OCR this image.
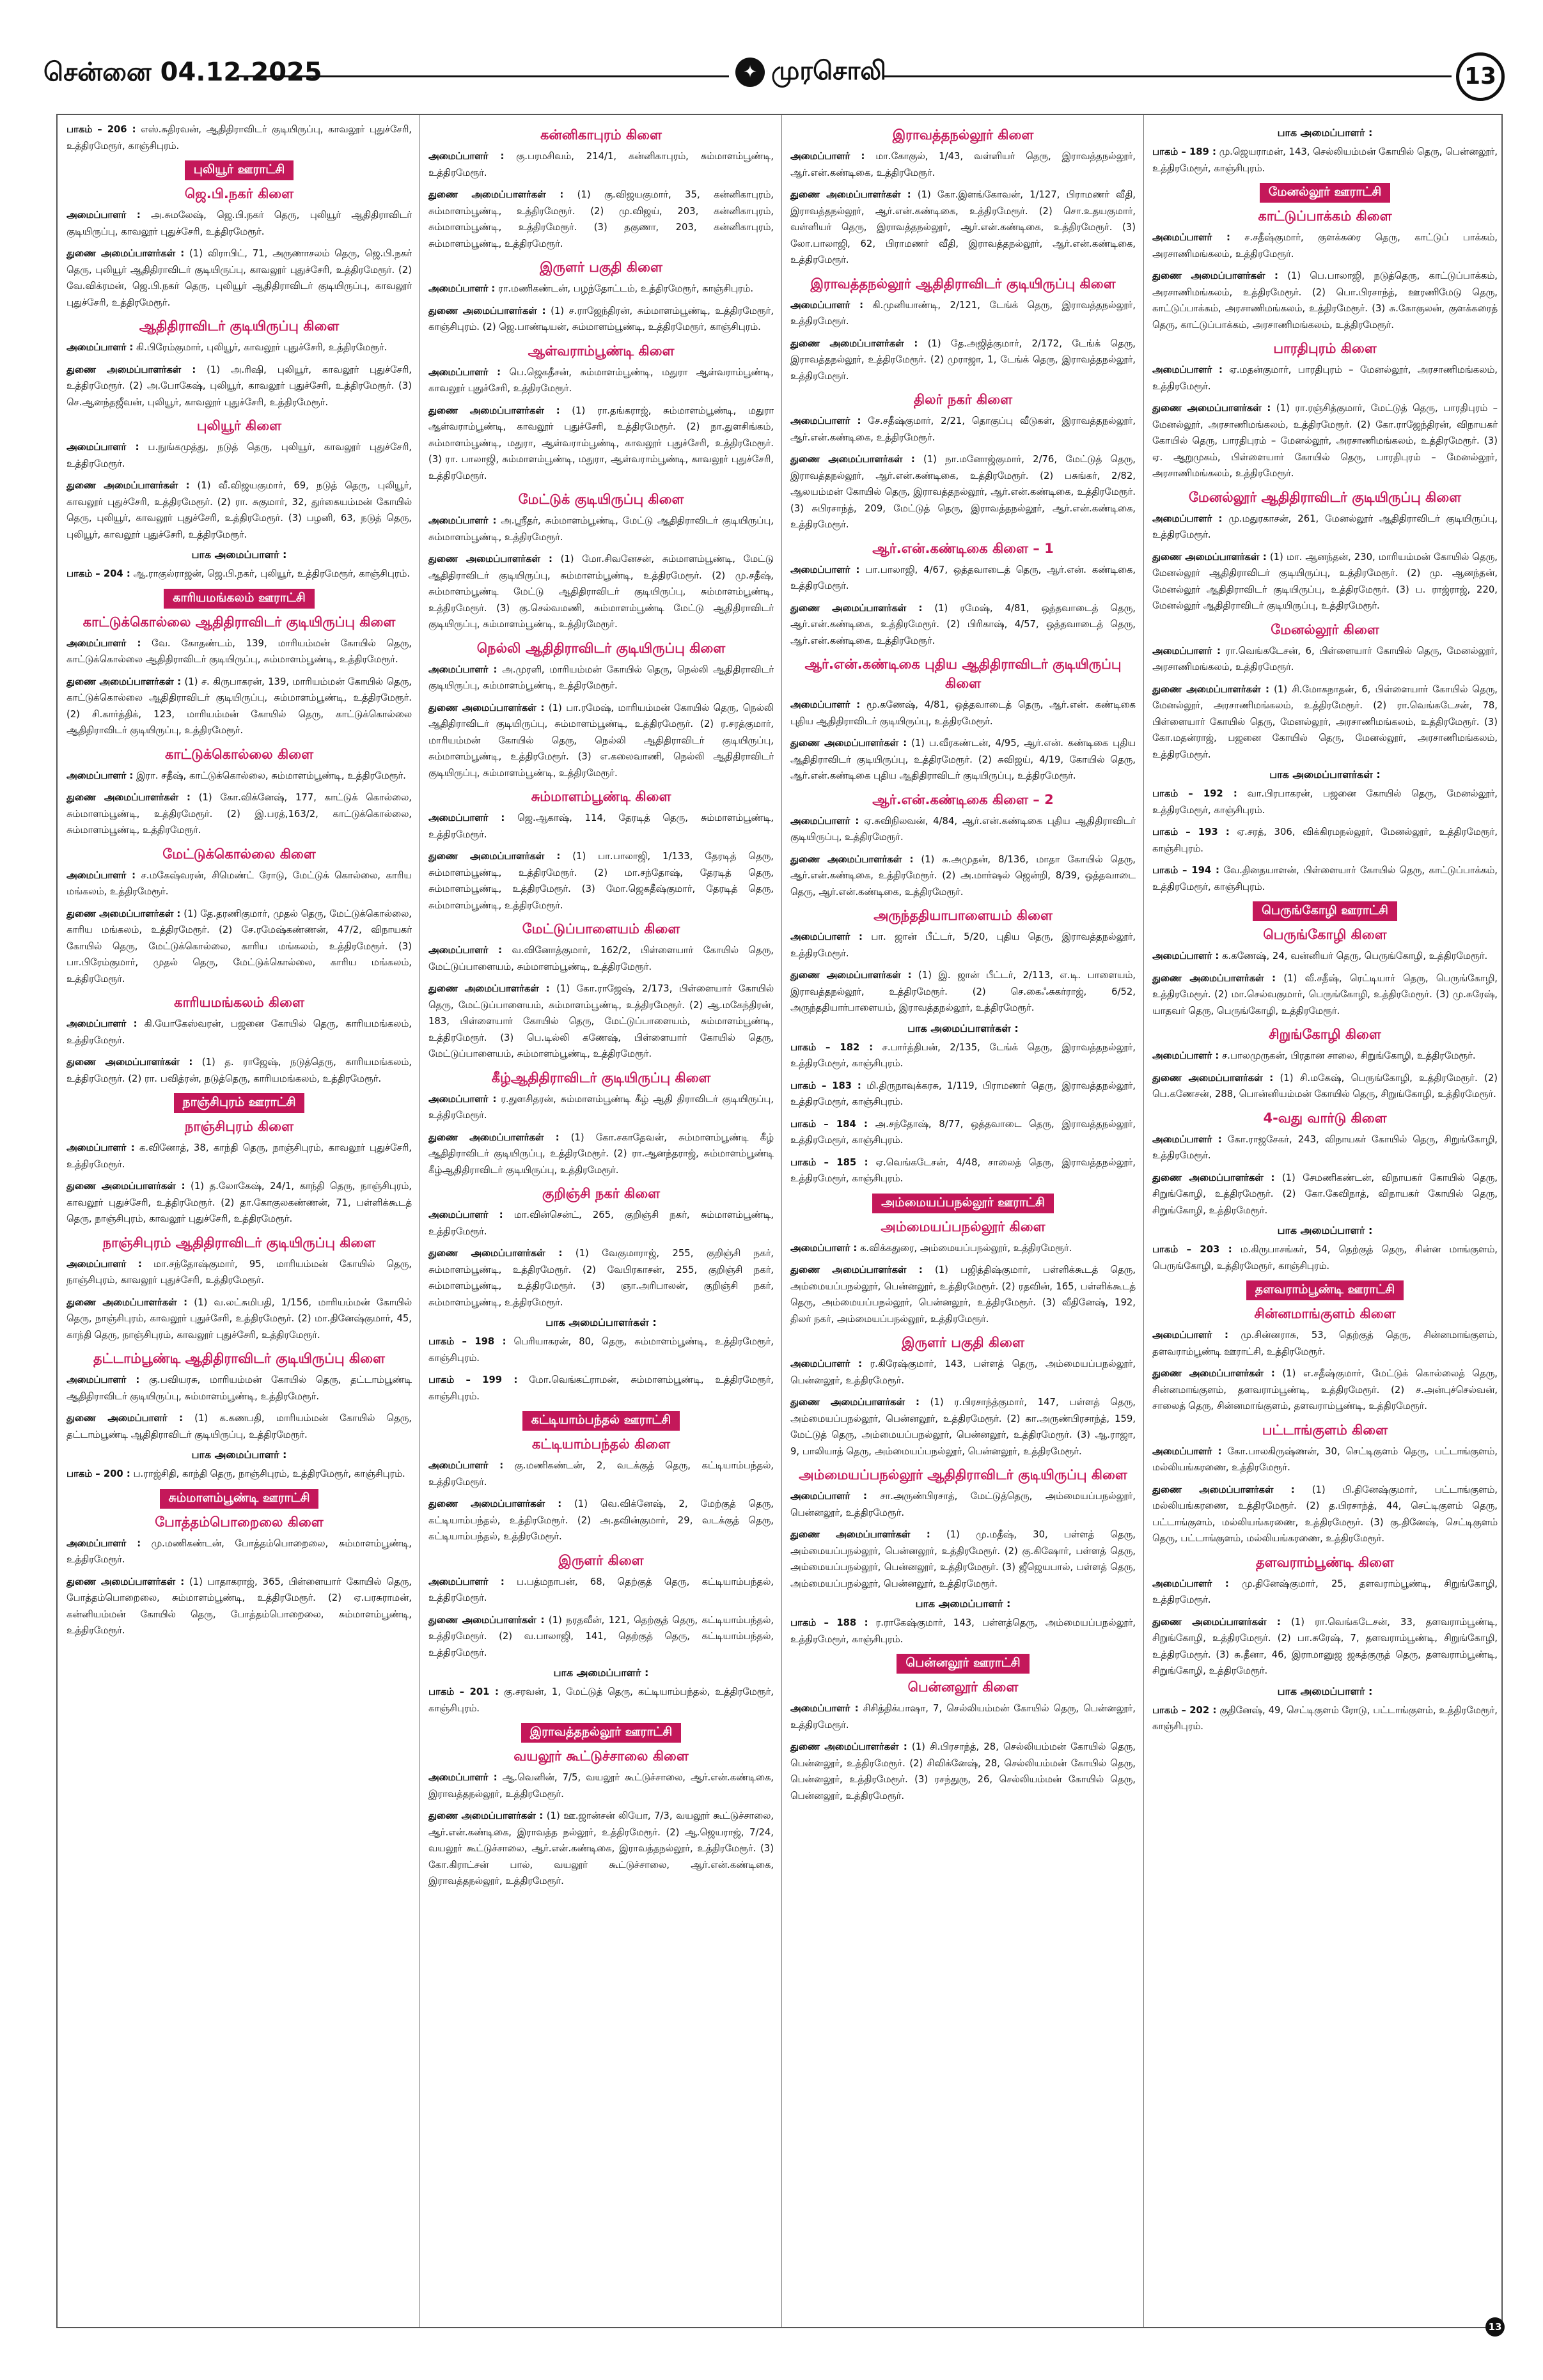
சென்னை 04.12.2025	✦ முரசொலி	13

பாகம் – 206 : எஸ்.சுதிரவன், ஆதிதிராவிடர் குடியிருப்பு, காவலூர் புதுச்சேரி, உத்திரமேரூர், காஞ்சிபுரம்.

புலியூர் ஊராட்சி
ஜெ.பி.நகர் கிளை

அமைப்பாளர் : அ.சுமலேஷ், ஜெ.பி.நகர் தெரு, புலியூர் ஆதிதிராவிடர் குடியிருப்பு, காவலூர் புதுச்சேரி, உத்திரமேரூர்.

துணை அமைப்பாளர்கள் : (1) விராபிட், 71, அருணாசலம் தெரு, ஜெ.பி.நகர் தெரு, புலியூர் ஆதிதிராவிடர் குடியிருப்பு, காவலூர் புதுச்சேரி, உத்திரமேரூர். (2) வே.விக்ரமன், ஜெ.பி.நகர் தெரு, புலியூர் ஆதிதிராவிடர் குடியிருப்பு, காவலூர் புதுச்சேரி, உத்திரமேரூர்.

ஆதிதிராவிடர் குடியிருப்பு கிளை

அமைப்பாளர் : கி.பிரேம்குமார், புலியூர், காவலூர் புதுச்சேரி, உத்திரமேரூர்.

துணை அமைப்பாளர்கள் : (1) அ.ரிஷி, புலியூர், காவலூர் புதுச்சேரி, உத்திரமேரூர். (2) அ.போகேஷ், புலியூர், காவலூர் புதுச்சேரி, உத்திரமேரூர். (3) செ.ஆனந்தஜீவன், புலியூர், காவலூர் புதுச்சேரி, உத்திரமேரூர்.

புலியூர் கிளை

அமைப்பாளர் : ப.நுங்கமுத்து, நடுத் தெரு, புலியூர், காவலூர் புதுச்சேரி, உத்திரமேரூர்.

துணை அமைப்பாளர்கள் : (1) வீ.விஜயகுமார், 69, நடுத் தெரு, புலியூர், காவலூர் புதுச்சேரி, உத்திரமேரூர். (2) ரா. சுகுமார், 32, துர்கையம்மன் கோயில் தெரு, புலியூர், காவலூர் புதுச்சேரி, உத்திரமேரூர். (3) பழனி, 63, நடுத் தெரு, புலியூர், காவலூர் புதுச்சேரி, உத்திரமேரூர்.

பாக அமைப்பாளர் :

பாகம் – 204 : ஆ.ராகுல்ராஜன், ஜெ.பி.நகர், புலியூர், உத்திரமேரூர், காஞ்சிபுரம்.

காரியமங்கலம் ஊராட்சி
காட்டுக்கொல்லை ஆதிதிராவிடர் குடியிருப்பு கிளை

அமைப்பாளர் : வே. கோதண்டம், 139, மாரியம்மன் கோயில் தெரு, காட்டுக்கொல்லை ஆதிதிராவிடர் குடியிருப்பு, சும்மாளம்பூண்டி, உத்திரமேரூர்.

துணை அமைப்பாளர்கள் : (1) ச. கிருபாகரன், 139, மாரியம்மன் கோயில் தெரு, காட்டுக்கொல்லை ஆதிதிராவிடர் குடியிருப்பு, சும்மாளம்பூண்டி, உத்திரமேரூர். (2) சி.கார்த்திக், 123, மாரியம்மன் கோயில் தெரு, காட்டுக்கொல்லை ஆதிதிராவிடர் குடியிருப்பு, உத்திரமேரூர்.

காட்டுக்கொல்லை கிளை

அமைப்பாளர் : இரா. சதீஷ், காட்டுக்கொல்லை, சும்மாளம்பூண்டி, உத்திரமேரூர்.

துணை அமைப்பாளர்கள் : (1) கோ.விக்னேஷ், 177, காட்டுக் கொல்லை, சும்மாளம்பூண்டி, உத்திரமேரூர். (2) இ.பரத்,163/2, காட்டுக்கொல்லை, சும்மாளம்பூண்டி, உத்திரமேரூர்.

மேட்டுக்கொல்லை கிளை

அமைப்பாளர் : ச.மகேஷ்வரன், சிமெண்ட் ரோடு, மேட்டுக் கொல்லை, காரிய மங்கலம், உத்திரமேரூர்.

துணை அமைப்பாளர்கள் : (1) தே.தரணிகுமார், முதல் தெரு, மேட்டுக்கொல்லை, காரிய மங்கலம், உத்திரமேரூர். (2) சே.ரமேஷ்கண்ணன், 47/2, விநாயகர் கோயில் தெரு, மேட்டுக்கொல்லை, காரிய மங்கலம், உத்திரமேரூர். (3) பா.பிரேம்குமார், முதல் தெரு, மேட்டுக்கொல்லை, காரிய மங்கலம், உத்திரமேரூர்.

காரியமங்கலம் கிளை

அமைப்பாளர் : கி.யோகேஸ்வரன், பஜனை கோயில் தெரு, காரியமங்கலம், உத்திரமேரூர்.

துணை அமைப்பாளர்கள் : (1) த. ராஜேஷ், நடுத்தெரு, காரியமங்கலம், உத்திரமேரூர். (2) ரா. பவித்ரன், நடுத்தெரு, காரியமங்கலம், உத்திரமேரூர்.

நாஞ்சிபுரம் ஊராட்சி
நாஞ்சிபுரம் கிளை

அமைப்பாளர் : க.வினோத், 38, காந்தி தெரு, நாஞ்சிபுரம், காவலூர் புதுச்சேரி, உத்திரமேரூர்.

துணை அமைப்பாளர்கள் : (1) த.லோகேஷ், 24/1, காந்தி தெரு, நாஞ்சிபுரம், காவலூர் புதுச்சேரி, உத்திரமேரூர். (2) தா.கோகுலகண்ணன், 71, பள்ளிக்கூடத் தெரு, நாஞ்சிபுரம், காவலூர் புதுச்சேரி, உத்திரமேரூர்.

நாஞ்சிபுரம் ஆதிதிராவிடர் குடியிருப்பு கிளை

அமைப்பாளர் : மா.சந்தோஷ்குமார், 95, மாரியம்மன் கோயில் தெரு, நாஞ்சிபுரம், காவலூர் புதுச்சேரி, உத்திரமேரூர்.

துணை அமைப்பாளர்கள் : (1) வ.லட்சுமிபதி, 1/156, மாரியம்மன் கோயில் தெரு, நாஞ்சிபுரம், காவலூர் புதுச்சேரி, உத்திரமேரூர். (2) மா.தினேஷ்குமார், 45, காந்தி தெரு, நாஞ்சிபுரம், காவலூர் புதுச்சேரி, உத்திரமேரூர்.

தட்டாம்பூண்டி ஆதிதிராவிடர் குடியிருப்பு கிளை

அமைப்பாளர் : கு.பவியரசு, மாரியம்மன் கோயில் தெரு, தட்டாம்பூண்டி ஆதிதிராவிடர் குடியிருப்பு, சும்மாளம்பூண்டி, உத்திரமேரூர்.

துணை அமைப்பாளர் : (1) க.கணபதி, மாரியம்மன் கோயில் தெரு, தட்டாம்பூண்டி ஆதிதிராவிடர் குடியிருப்பு, உத்திரமேரூர்.

பாக அமைப்பாளர் :

பாகம் – 200 : ப.ராஜ்சிதி, காந்தி தெரு, நாஞ்சிபுரம், உத்திரமேரூர், காஞ்சிபுரம்.

சும்மாளம்பூண்டி ஊராட்சி
போத்தம்பொறைலை கிளை

அமைப்பாளர் : மு.மணிகண்டன், போத்தம்பொறைலை, சும்மாளம்பூண்டி, உத்திரமேரூர்.

துணை அமைப்பாளர்கள் : (1) பாதாகராஜ், 365, பிள்ளையார் கோயில் தெரு, போத்தம்பொறைலை, சும்மாளம்பூண்டி, உத்திரமேரூர். (2) ஏ.பரசுராமன், கன்னியம்மன் கோயில் தெரு, போத்தம்பொறைலை, சும்மாளம்பூண்டி, உத்திரமேரூர்.

கன்னிகாபுரம் கிளை

அமைப்பாளர் : கு.பரமசிவம், 214/1, கன்னிகாபுரம், சும்மாளம்பூண்டி, உத்திரமேரூர்.

துணை அமைப்பாளர்கள் : (1) கு.விஜயகுமார், 35, கன்னிகாபுரம், சும்மாளம்பூண்டி, உத்திரமேரூர். (2) மு.விஜய், 203, கன்னிகாபுரம், சும்மாளம்பூண்டி, உத்திரமேரூர். (3) தகுணா, 203, கன்னிகாபுரம், சும்மாளம்பூண்டி, உத்திரமேரூர்.

இருளர் பகுதி கிளை

அமைப்பாளர் : ரா.மணிகண்டன், பழந்தோட்டம், உத்திரமேரூர், காஞ்சிபுரம்.

துணை அமைப்பாளர்கள் : (1) ச.ராஜேந்திரன், சும்மாளம்பூண்டி, உத்திரமேரூர், காஞ்சிபுரம். (2) ஜெ.பாண்டியன், சும்மாளம்பூண்டி, உத்திரமேரூர், காஞ்சிபுரம்.

ஆள்வராம்பூண்டி கிளை

அமைப்பாளர் : பெ.ஜெகதீசன், சும்மாளம்பூண்டி, மதுரா ஆள்வராம்பூண்டி, காவலூர் புதுச்சேரி, உத்திரமேரூர்.

துணை அமைப்பாளர்கள் : (1) ரா.தங்கராஜ், சும்மாளம்பூண்டி, மதுரா ஆள்வராம்பூண்டி, காவலூர் புதுச்சேரி, உத்திரமேரூர். (2) நா.துளசிங்கம், சும்மாளம்பூண்டி, மதுரா, ஆள்வராம்பூண்டி, காவலூர் புதுச்சேரி, உத்திரமேரூர். (3) ரா. பாலாஜி, சும்மாளம்பூண்டி, மதுரா, ஆள்வராம்பூண்டி, காவலூர் புதுச்சேரி, உத்திரமேரூர்.

மேட்டுக் குடியிருப்பு கிளை

அமைப்பாளர் : அ.ஸ்ரீதர், சும்மாளம்பூண்டி, மேட்டு ஆதிதிராவிடர் குடியிருப்பு, சும்மாளம்பூண்டி, உத்திரமேரூர்.

துணை அமைப்பாளர்கள் : (1) மோ.சிவனேசன், சும்மாளம்பூண்டி, மேட்டு ஆதிதிராவிடர் குடியிருப்பு, சும்மாளம்பூண்டி, உத்திரமேரூர். (2) மு.சதீஷ், சும்மாளம்பூண்டி மேட்டு ஆதிதிராவிடர் குடியிருப்பு, சும்மாளம்பூண்டி, உத்திரமேரூர். (3) கு.செல்வமணி, சும்மாளம்பூண்டி மேட்டு ஆதிதிராவிடர் குடியிருப்பு, சும்மாளம்பூண்டி, உத்திரமேரூர்.

நெல்லி ஆதிதிராவிடர் குடியிருப்பு கிளை

அமைப்பாளர் : அ.முரளி, மாரியம்மன் கோயில் தெரு, நெல்லி ஆதிதிராவிடர் குடியிருப்பு, சும்மாளம்பூண்டி, உத்திரமேரூர்.

துணை அமைப்பாளர்கள் : (1) பா.ரமேஷ், மாரியம்மன் கோயில் தெரு, நெல்லி ஆதிதிராவிடர் குடியிருப்பு, சும்மாளம்பூண்டி, உத்திரமேரூர். (2) ர.சரத்குமார், மாரியம்மன் கோயில் தெரு, நெல்லி ஆதிதிராவிடர் குடியிருப்பு, சும்மாளம்பூண்டி, உத்திரமேரூர். (3) எ.கலைவாணி, நெல்லி ஆதிதிராவிடர் குடியிருப்பு, சும்மாளம்பூண்டி, உத்திரமேரூர்.

சும்மாளம்பூண்டி கிளை

அமைப்பாளர் : ஜெ.ஆகாஷ், 114, தேரடித் தெரு, சும்மாளம்பூண்டி, உத்திரமேரூர்.

துணை அமைப்பாளர்கள் : (1) பா.பாலாஜி, 1/133, தேரடித் தெரு, சும்மாளம்பூண்டி, உத்திரமேரூர். (2) மா.சந்தோஷ், தேரடித் தெரு, சும்மாளம்பூண்டி, உத்திரமேரூர். (3) மோ.ஜெகதீஷ்குமார், தேரடித் தெரு, சும்மாளம்பூண்டி, உத்திரமேரூர்.

மேட்டுப்பாளையம் கிளை

அமைப்பாளர் : வ.வினோத்குமார், 162/2, பிள்ளையார் கோயில் தெரு, மேட்டுப்பாளையம், சும்மாளம்பூண்டி, உத்திரமேரூர்.

துணை அமைப்பாளர்கள் : (1) கோ.ராஜேஷ், 2/173, பிள்ளையார் கோயில் தெரு, மேட்டுப்பாளையம், சும்மாளம்பூண்டி, உத்திரமேரூர். (2) ஆ.மகேந்திரன், 183, பிள்ளையார் கோயில் தெரு, மேட்டுப்பாளையம், சும்மாளம்பூண்டி, உத்திரமேரூர். (3) பெ.டில்லி கணேஷ், பிள்ளையார் கோயில் தெரு, மேட்டுப்பாளையம், சும்மாளம்பூண்டி, உத்திரமேரூர்.

கீழ்ஆதிதிராவிடர் குடியிருப்பு கிளை

அமைப்பாளர் : ர.துளசிதரன், சும்மாளம்பூண்டி கீழ் ஆதி திராவிடர் குடியிருப்பு, உத்திரமேரூர்.

துணை அமைப்பாளர்கள் : (1) கோ.சகாதேவன், சும்மாளம்பூண்டி கீழ் ஆதிதிராவிடர் குடியிருப்பு, உத்திரமேரூர். (2) ரா.ஆனந்தராஜ், சும்மாளம்பூண்டி கீழ்ஆதிதிராவிடர் குடியிருப்பு, உத்திரமேரூர்.

குறிஞ்சி நகர் கிளை

அமைப்பாளர் : மா.வின்சென்ட், 265, குறிஞ்சி நகர், சும்மாளம்பூண்டி, உத்திரமேரூர்.

துணை அமைப்பாளர்கள் : (1) வேகுமாராஜ், 255, குறிஞ்சி நகர், சும்மாளம்பூண்டி, உத்திரமேரூர். (2) வேபிரகாசன், 255, குறிஞ்சி நகர், சும்மாளம்பூண்டி, உத்திரமேரூர். (3) ஞா.அரிபாலன், குறிஞ்சி நகர், சும்மாளம்பூண்டி, உத்திரமேரூர்.

பாக அமைப்பாளர்கள் :

பாகம் – 198 : பெரியாகரன், 80, தெரு, சும்மாளம்பூண்டி, உத்திரமேரூர், காஞ்சிபுரம்.

பாகம் – 199 : மோ.வெங்கட்ராமன், சும்மாளம்பூண்டி, உத்திரமேரூர், காஞ்சிபுரம்.

கட்டியாம்பந்தல் ஊராட்சி
கட்டியாம்பந்தல் கிளை

அமைப்பாளர் : கு.மணிகண்டன், 2, வடக்குத் தெரு, கட்டியாம்பந்தல், உத்திரமேரூர்.

துணை அமைப்பாளர்கள் : (1) வெ.விக்னேஷ், 2, மேற்குத் தெரு, கட்டியாம்பந்தல், உத்திரமேரூர். (2) அ.தவின்குமார், 29, வடக்குத் தெரு, கட்டியாம்பந்தல், உத்திரமேரூர்.

இருளர் கிளை

அமைப்பாளர் : ப.பத்மநாபன், 68, தெற்குத் தெரு, கட்டியாம்பந்தல், உத்திரமேரூர்.

துணை அமைப்பாளர்கள் : (1) நரதவீன், 121, தெற்குத் தெரு, கட்டியாம்பந்தல், உத்திரமேரூர். (2) வ.பாலாஜி, 141, தெற்குத் தெரு, கட்டியாம்பந்தல், உத்திரமேரூர்.

பாக அமைப்பாளர் :

பாகம் – 201 : கு.சரவன், 1, மேட்டுத் தெரு, கட்டியாம்பந்தல், உத்திரமேரூர், காஞ்சிபுரம்.

இராவத்தநல்லூர் ஊராட்சி
வயலூர் கூட்டுச்சாலை கிளை

அமைப்பாளர் : ஆ.வெனின், 7/5, வயலூர் கூட்டுச்சாலை, ஆர்.என்.கண்டிகை, இராவத்தநல்லூர், உத்திரமேரூர்.

துணை அமைப்பாளர்கள் : (1) ஊ.ஜான்சன் லியோ, 7/3, வயலூர் கூட்டுச்சாலை, ஆர்.என்.கண்டிகை, இராவத்த நல்லூர், உத்திரமேரூர். (2) ஆ.ஜெயராஜ், 7/24, வயலூர் கூட்டுச்சாலை, ஆர்.என்.கண்டிகை, இராவத்தநல்லூர், உத்திரமேரூர். (3) கோ.கிராட்சன் பால், வயலூர் கூட்டுச்சாலை, ஆர்.என்.கண்டிகை, இராவத்தநல்லூர், உத்திரமேரூர்.

இராவத்தநல்லூர் கிளை

அமைப்பாளர் : மா.கோகுல், 1/43, வள்ளியர் தெரு, இராவத்தநல்லூர், ஆர்.என்.கண்டிகை, உத்திரமேரூர்.

துணை அமைப்பாளர்கள் : (1) கோ.இளங்கோவன், 1/127, பிராமணர் வீதி, இராவத்தநல்லூர், ஆர்.என்.கண்டிகை, உத்திரமேரூர். (2) சொ.உதயகுமார், வள்ளியர் தெரு, இராவத்தநல்லூர், ஆர்.என்.கண்டிகை, உத்திரமேரூர். (3) லோ.பாலாஜி, 62, பிராமணர் வீதி, இராவத்தநல்லூர், ஆர்.என்.கண்டிகை, உத்திரமேரூர்.

இராவத்தநல்லூர் ஆதிதிராவிடர் குடியிருப்பு கிளை

அமைப்பாளர் : கி.முனியாண்டி, 2/121, டேங்க் தெரு, இராவத்தநல்லூர், உத்திரமேரூர்.

துணை அமைப்பாளர்கள் : (1) தே.அஜித்குமார், 2/172, டேங்க் தெரு, இராவத்தநல்லூர், உத்திரமேரூர். (2) முராஜா, 1, டேங்க் தெரு, இராவத்தநல்லூர், உத்திரமேரூர்.

திலர் நகர் கிளை

அமைப்பாளர் : சே.சதீஷ்குமார், 2/21, தொகுப்பு வீடுகள், இராவத்தநல்லூர், ஆர்.என்.கண்டிகை, உத்திரமேரூர்.

துணை அமைப்பாளர்கள் : (1) நா.மனோஜ்குமார், 2/76, மேட்டுத் தெரு, இராவத்தநல்லூர், ஆர்.என்.கண்டிகை, உத்திரமேரூர். (2) பசுங்கர், 2/82, ஆலயம்மன் கோயில் தெரு, இராவத்தநல்லூர், ஆர்.என்.கண்டிகை, உத்திரமேரூர். (3) சுபிரசாந்த், 209, மேட்டுத் தெரு, இராவத்தநல்லூர், ஆர்.என்.கண்டிகை, உத்திரமேரூர்.

ஆர்.என்.கண்டிகை கிளை – 1

அமைப்பாளர் : பா.பாலாஜி, 4/67, ஒத்தவாடைத் தெரு, ஆர்.என். கண்டிகை, உத்திரமேரூர்.

துணை அமைப்பாளர்கள் : (1) ரமேஷ், 4/81, ஒத்தவாடைத் தெரு, ஆர்.என்.கண்டிகை, உத்திரமேரூர். (2) பிரிகாஷ், 4/57, ஒத்தவாடைத் தெரு, ஆர்.என்.கண்டிகை, உத்திரமேரூர்.

ஆர்.என்.கண்டிகை புதிய ஆதிதிராவிடர் குடியிருப்பு கிளை

அமைப்பாளர் : மூ.கணேஷ், 4/81, ஒத்தவாடைத் தெரு, ஆர்.என். கண்டிகை புதிய ஆதிதிராவிடர் குடியிருப்பு, உத்திரமேரூர்.

துணை அமைப்பாளர்கள் : (1) ப.வீரகண்டன், 4/95, ஆர்.என். கண்டிகை புதிய ஆதிதிராவிடர் குடியிருப்பு, உத்திரமேரூர். (2) சுவிஜய், 4/19, கோயில் தெரு, ஆர்.என்.கண்டிகை புதிய ஆதிதிராவிடர் குடியிருப்பு, உத்திரமேரூர்.

ஆர்.என்.கண்டிகை கிளை – 2

அமைப்பாளர் : ஏ.சுவிநிலவன், 4/84, ஆர்.என்.கண்டிகை புதிய ஆதிதிராவிடர் குடியிருப்பு, உத்திரமேரூர்.

துணை அமைப்பாளர்கள் : (1) சு.அமுதன், 8/136, மாதா கோயில் தெரு, ஆர்.என்.கண்டிகை, உத்திரமேரூர். (2) அ.மார்ஷல் ஜென்றி, 8/39, ஒத்தவாடை தெரு, ஆர்.என்.கண்டிகை, உத்திரமேரூர்.

அருந்ததியாபாளையம் கிளை

அமைப்பாளர் : பா. ஜான் பீட்டர், 5/20, புதிய தெரு, இராவத்தநல்லூர், உத்திரமேரூர்.

துணை அமைப்பாளர்கள் : (1) இ. ஜான் பீட்டர், 2/113, எ.டி. பாளையம், இராவத்தநல்லூர், உத்திரமேரூர். (2) செ.கைஃசுகர்ராஜ், 6/52, அருந்ததியார்பாளையம், இராவத்தநல்லூர், உத்திரமேரூர்.

பாக அமைப்பாளர்கள் :

பாகம் – 182 : ச.பார்த்திபன், 2/135, டேங்க் தெரு, இராவத்தநல்லூர், உத்திரமேரூர், காஞ்சிபுரம்.

பாகம் – 183 : மி.திருநாவுக்கரசு, 1/119, பிராமணர் தெரு, இராவத்தநல்லூர், உத்திரமேரூர், காஞ்சிபுரம்.

பாகம் – 184 : அ.சந்தோஷ், 8/77, ஒத்தவாடை தெரு, இராவத்தநல்லூர், உத்திரமேரூர், காஞ்சிபுரம்.

பாகம் – 185 : ஏ.வெங்கடேசன், 4/48, சாலைத் தெரு, இராவத்தநல்லூர், உத்திரமேரூர், காஞ்சிபுரம்.

அம்மையப்பநல்லூர் ஊராட்சி
அம்மையப்பநல்லூர் கிளை

அமைப்பாளர் : க.விக்கதுரை, அம்மையப்பநல்லூர், உத்திரமேரூர்.

துணை அமைப்பாளர்கள் : (1) பஜித்திஷ்குமார், பள்ளிக்கூடத் தெரு, அம்மையப்பநல்லூர், பென்னலூர், உத்திரமேரூர். (2) ரதவின், 165, பள்ளிக்கூடத் தெரு, அம்மையப்பநல்லூர், பென்னலூர், உத்திரமேரூர். (3) வீதினேஷ், 192, திலர் நகர், அம்மையப்பநல்லூர், உத்திரமேரூர்.

இருளர் பகுதி கிளை

அமைப்பாளர் : ர.கிரேஷ்குமார், 143, பள்ளத் தெரு, அம்மையப்பநல்லூர், பென்னலூர், உத்திரமேரூர்.

துணை அமைப்பாளர்கள் : (1) ர.பிரசாந்த்குமார், 147, பள்ளத் தெரு, அம்மையப்பநல்லூர், பென்னலூர், உத்திரமேரூர். (2) கா.அருண்பிரசாந்த், 159, மேட்டுத் தெரு, அம்மையப்பநல்லூர், பென்னலூர், உத்திரமேரூர். (3) ஆ.ராஜா, 9, பாலியாத் தெரு, அம்மையப்பநல்லூர், பென்னலூர், உத்திரமேரூர்.

அம்மையப்பநல்லூர் ஆதிதிராவிடர் குடியிருப்பு கிளை

அமைப்பாளர் : சா.அருண்பிரசாத், மேட்டுத்தெரு, அம்மையப்பநல்லூர், பென்னலூர், உத்திரமேரூர்.

துணை அமைப்பாளர்கள் : (1) மு.மதீஷ், 30, பள்ளத் தெரு, அம்மையப்பநல்லூர், பென்னலூர், உத்திரமேரூர். (2) கு.கிஷோர், பள்ளத் தெரு, அம்மையப்பநல்லூர், பென்னலூர், உத்திரமேரூர். (3) ஜீஜெயபால், பள்ளத் தெரு, அம்மையப்பநல்லூர், பென்னலூர், உத்திரமேரூர்.

பாக அமைப்பாளர் :

பாகம் – 188 : ர.ராகேஷ்குமார், 143, பள்ளத்தெரு, அம்மையப்பநல்லூர், உத்திரமேரூர், காஞ்சிபுரம்.

பென்னலூர் ஊராட்சி
பென்னலூர் கிளை

அமைப்பாளர் : சிசித்திக்பாஷா, 7, செல்லியம்மன் கோயில் தெரு, பென்னலூர், உத்திரமேரூர்.

துணை அமைப்பாளர்கள் : (1) சி.பிரசாந்த், 28, செல்லியம்மன் கோயில் தெரு, பென்னலூர், உத்திரமேரூர். (2) சிவிக்னேஷ், 28, செல்லியம்மன் கோயில் தெரு, பென்னலூர், உத்திரமேரூர். (3) ரசந்துரு, 26, செல்லியம்மன் கோயில் தெரு, பென்னலூர், உத்திரமேரூர்.

பாக அமைப்பாளர் :

பாகம் – 189 : மு.ஜெயராமன், 143, செல்லியம்மன் கோயில் தெரு, பென்னலூர், உத்திரமேரூர், காஞ்சிபுரம்.

மேனல்லூர் ஊராட்சி
காட்டுப்பாக்கம் கிளை

அமைப்பாளர் : ச.சதீஷ்குமார், குளக்கரை தெரு, காட்டுப் பாக்கம், அரசாணிமங்கலம், உத்திரமேரூர்.

துணை அமைப்பாளர்கள் : (1) பெ.பாலாஜி, நடுத்தெரு, காட்டுப்பாக்கம், அரசாணிமங்கலம், உத்திரமேரூர். (2) பொ.பிரசாந்த், ஊரணிமேடு தெரு, காட்டுப்பாக்கம், அரசாணிமங்கலம், உத்திரமேரூர். (3) சு.கோகுலன், குளக்கரைத் தெரு, காட்டுப்பாக்கம், அரசாணிமங்கலம், உத்திரமேரூர்.

பாரதிபுரம் கிளை

அமைப்பாளர் : ஏ.மதன்குமார், பாரதிபுரம் – மேனல்லூர், அரசாணிமங்கலம், உத்திரமேரூர்.

துணை அமைப்பாளர்கள் : (1) ரா.ரஞ்சித்குமார், மேட்டுத் தெரு, பாரதிபுரம் – மேனல்லூர், அரசாணிமங்கலம், உத்திரமேரூர். (2) கோ.ராஜேந்திரன், விநாயகர் கோயில் தெரு, பாரதிபுரம் – மேனல்லூர், அரசாணிமங்கலம், உத்திரமேரூர். (3) ஏ. ஆறுமுகம், பிள்ளையார் கோயில் தெரு, பாரதிபுரம் – மேனல்லூர், அரசாணிமங்கலம், உத்திரமேரூர்.

மேனல்லூர் ஆதிதிராவிடர் குடியிருப்பு கிளை

அமைப்பாளர் : மு.மதுரகாசன், 261, மேனல்லூர் ஆதிதிராவிடர் குடியிருப்பு, உத்திரமேரூர்.

துணை அமைப்பாளர்கள் : (1) மா. ஆனந்தன், 230, மாரியம்மன் கோயில் தெரு, மேனல்லூர் ஆதிதிராவிடர் குடியிருப்பு, உத்திரமேரூர். (2) மு. ஆனந்தன், மேனல்லூர் ஆதிதிராவிடர் குடியிருப்பு, உத்திரமேரூர். (3) ப. ராஜ்ராஜ், 220, மேனல்லூர் ஆதிதிராவிடர் குடியிருப்பு, உத்திரமேரூர்.

மேனல்லூர் கிளை

அமைப்பாளர் : ரா.வெங்கடேசன், 6, பிள்ளையார் கோயில் தெரு, மேனல்லூர், அரசாணிமங்கலம், உத்திரமேரூர்.

துணை அமைப்பாளர்கள் : (1) சி.மோகநாதன், 6, பிள்ளையார் கோயில் தெரு, மேனல்லூர், அரசாணிமங்கலம், உத்திரமேரூர். (2) ரா.வெங்கடேசன், 78, பிள்ளையார் கோயில் தெரு, மேனல்லூர், அரசாணிமங்கலம், உத்திரமேரூர். (3) கோ.மதன்ராஜ், பஜனை கோயில் தெரு, மேனல்லூர், அரசாணிமங்கலம், உத்திரமேரூர்.

பாக அமைப்பாளர்கள் :

பாகம் – 192 : வா.பிரபாகரன், பஜனை கோயில் தெரு, மேனல்லூர், உத்திரமேரூர், காஞ்சிபுரம்.

பாகம் – 193 : ஏ.சரத், 306, விக்கிரமநல்லூர், மேனல்லூர், உத்திரமேரூர், காஞ்சிபுரம்.

பாகம் – 194 : வே.தினதயாளன், பிள்ளையார் கோயில் தெரு, காட்டுப்பாக்கம், உத்திரமேரூர், காஞ்சிபுரம்.

பெருங்கோழி ஊராட்சி
பெருங்கோழி கிளை

அமைப்பாளர் : க.கணேஷ், 24, வன்னியர் தெரு, பெருங்கோழி, உத்திரமேரூர்.

துணை அமைப்பாளர்கள் : (1) வீ.சதீஷ், ரெட்டியார் தெரு, பெருங்கோழி, உத்திரமேரூர். (2) மா.செல்வகுமார், பெருங்கோழி, உத்திரமேரூர். (3) மு.சுரேஷ், யாதவர் தெரு, பெருங்கோழி, உத்திரமேரூர்.

சிறுங்கோழி கிளை

அமைப்பாளர் : ச.பாலமுருகன், பிரதான சாலை, சிறுங்கோழி, உத்திரமேரூர்.

துணை அமைப்பாளர்கள் : (1) சி.மகேஷ், பெருங்கோழி, உத்திரமேரூர். (2) பெ.கணேசன், 288, பொன்னியம்மன் கோயில் தெரு, சிறுங்கோழி, உத்திரமேரூர்.

4-வது வார்டு கிளை

அமைப்பாளர் : கோ.ராஜசேகர், 243, விநாயகர் கோயில் தெரு, சிறுங்கோழி, உத்திரமேரூர்.

துணை அமைப்பாளர்கள் : (1) சேமணிகண்டன், விநாயகர் கோயில் தெரு, சிறுங்கோழி, உத்திரமேரூர். (2) கோ.கேவிநாத், விநாயகர் கோயில் தெரு, சிறுங்கோழி, உத்திரமேரூர்.

பாக அமைப்பாளர் :

பாகம் – 203 : ம.கிருபாசங்கர், 54, தெற்குத் தெரு, சின்ன மாங்குளம், பெருங்கோழி, உத்திரமேரூர், காஞ்சிபுரம்.

தளவராம்பூண்டி ஊராட்சி
சின்னமாங்குளம் கிளை

அமைப்பாளர் : மு.சின்னராசு, 53, தெற்குத் தெரு, சின்னமாங்குளம், தளவராம்பூண்டி ஊராட்சி, உத்திரமேரூர்.

துணை அமைப்பாளர்கள் : (1) எ.சதீஷ்குமார், மேட்டுக் கொல்லைத் தெரு, சின்னமாங்குளம், தளவராம்பூண்டி, உத்திரமேரூர். (2) ச.அன்புச்செல்வன், சாலைத் தெரு, சின்னமாங்குளம், தளவராம்பூண்டி, உத்திரமேரூர்.

பட்டாங்குளம் கிளை

அமைப்பாளர் : கோ.பாலகிருஷ்ணன், 30, செட்டிகுளம் தெரு, பட்டாங்குளம், மல்லியங்கரணை, உத்திரமேரூர்.

துணை அமைப்பாளர்கள் : (1) பி.தினேஷ்குமார், பட்டாங்குளம், மல்லியங்கரணை, உத்திரமேரூர். (2) த.பிரசாந்த், 44, செட்டிகுளம் தெரு, பட்டாங்குளம், மல்லியங்கரணை, உத்திரமேரூர். (3) கு.தினேஷ், செட்டிகுளம் தெரு, பட்டாங்குளம், மல்லியங்கரணை, உத்திரமேரூர்.

தளவராம்பூண்டி கிளை

அமைப்பாளர் : மு.தினேஷ்குமார், 25, தளவராம்பூண்டி, சிறுங்கோழி, உத்திரமேரூர்.

துணை அமைப்பாளர்கள் : (1) ரா.வெங்கடேசன், 33, தளவராம்பூண்டி, சிறுங்கோழி, உத்திரமேரூர். (2) பா.சுரேஷ், 7, தளவராம்பூண்டி, சிறுங்கோழி, உத்திரமேரூர். (3) சு.தீனா, 46, இராமானுஜ ஜகத்குருத் தெரு, தளவராம்பூண்டி, சிறுங்கோழி, உத்திரமேரூர்.

பாக அமைப்பாளர் :

பாகம் – 202 : குதினேஷ், 49, செட்டிகுளம் ரோடு, பட்டாங்குளம், உத்திரமேரூர், காஞ்சிபுரம்.

13
